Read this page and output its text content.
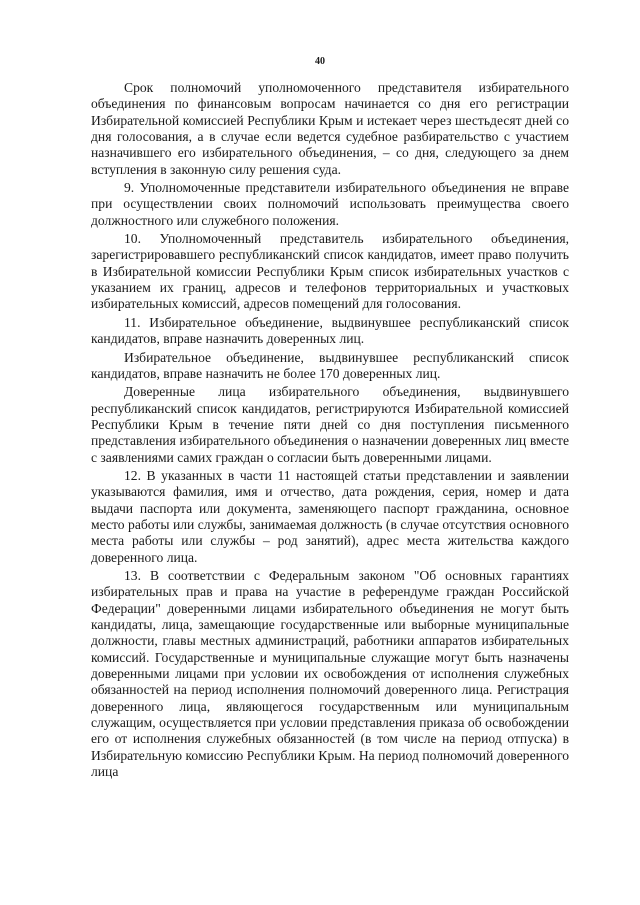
40

Срок полномочий уполномоченного представителя избирательного объединения по финансовым вопросам начинается со дня его регистрации Избирательной комиссией Республики Крым и истекает через шестьдесят дней со дня голосования, а в случае если ведется судебное разбирательство с участием назначившего его избирательного объединения, – со дня, следующего за днем вступления в законную силу решения суда.

9. Уполномоченные представители избирательного объединения не вправе при осуществлении своих полномочий использовать преимущества своего должностного или служебного положения.

10. Уполномоченный представитель избирательного объединения, зарегистрировавшего республиканский список кандидатов, имеет право получить в Избирательной комиссии Республики Крым список избирательных участков с указанием их границ, адресов и телефонов территориальных и участковых избирательных комиссий, адресов помещений для голосования.

11. Избирательное объединение, выдвинувшее республиканский список кандидатов, вправе назначить доверенных лиц.

Избирательное объединение, выдвинувшее республиканский список кандидатов, вправе назначить не более 170 доверенных лиц.

Доверенные лица избирательного объединения, выдвинувшего республиканский список кандидатов, регистрируются Избирательной комиссией Республики Крым в течение пяти дней со дня поступления письменного представления избирательного объединения о назначении доверенных лиц вместе с заявлениями самих граждан о согласии быть доверенными лицами.

12. В указанных в части 11 настоящей статьи представлении и заявлении указываются фамилия, имя и отчество, дата рождения, серия, номер и дата выдачи паспорта или документа, заменяющего паспорт гражданина, основное место работы или службы, занимаемая должность (в случае отсутствия основного места работы или службы – род занятий), адрес места жительства каждого доверенного лица.

13. В соответствии с Федеральным законом "Об основных гарантиях избирательных прав и права на участие в референдуме граждан Российской Федерации" доверенными лицами избирательного объединения не могут быть кандидаты, лица, замещающие государственные или выборные муниципальные должности, главы местных администраций, работники аппаратов избирательных комиссий. Государственные и муниципальные служащие могут быть назначены доверенными лицами при условии их освобождения от исполнения служебных обязанностей на период исполнения полномочий доверенного лица. Регистрация доверенного лица, являющегося государственным или муниципальным служащим, осуществляется при условии представления приказа об освобождении его от исполнения служебных обязанностей (в том числе на период отпуска) в Избирательную комиссию Республики Крым. На период полномочий доверенного лица
